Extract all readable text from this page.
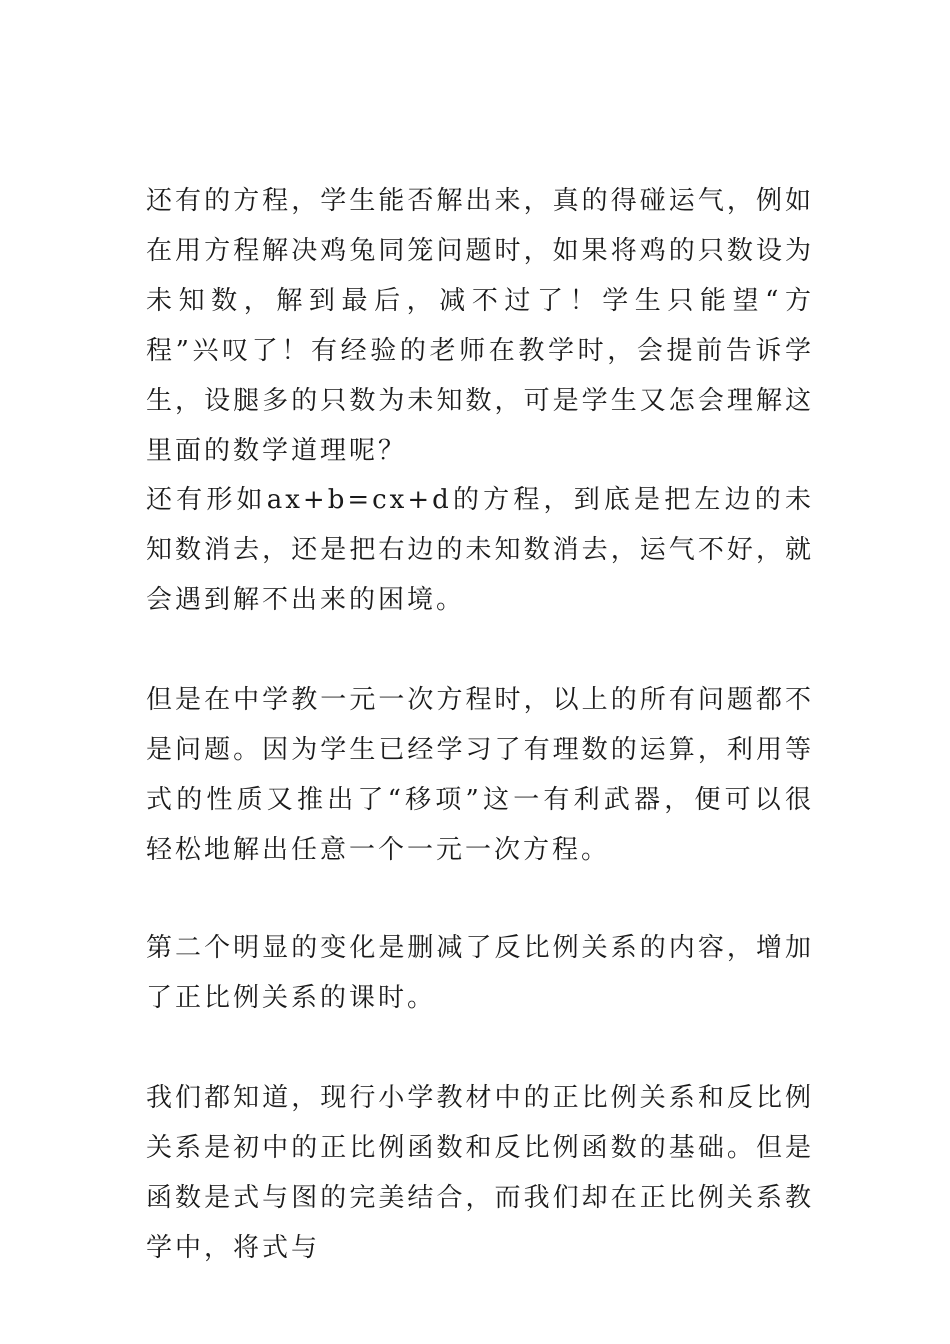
还有的方程，学生能否解出来，真的得碰运气，例如在用方程解决鸡兔同笼问题时，如果将鸡的只数设为未知数，解到最后，减不过了！学生只能望“方程”兴叹了！有经验的老师在教学时，会提前告诉学生，设腿多的只数为未知数，可是学生又怎会理解这里面的数学道理呢？

还有形如ax+b=cx+d的方程，到底是把左边的未知数消去，还是把右边的未知数消去，运气不好，就会遇到解不出来的困境。

但是在中学教一元一次方程时，以上的所有问题都不是问题。因为学生已经学习了有理数的运算，利用等式的性质又推出了“移项”这一有利武器，便可以很轻松地解出任意一个一元一次方程。

第二个明显的变化是删减了反比例关系的内容，增加了正比例关系的课时。

我们都知道，现行小学教材中的正比例关系和反比例关系是初中的正比例函数和反比例函数的基础。但是函数是式与图的完美结合，而我们却在正比例关系教学中，将式与
